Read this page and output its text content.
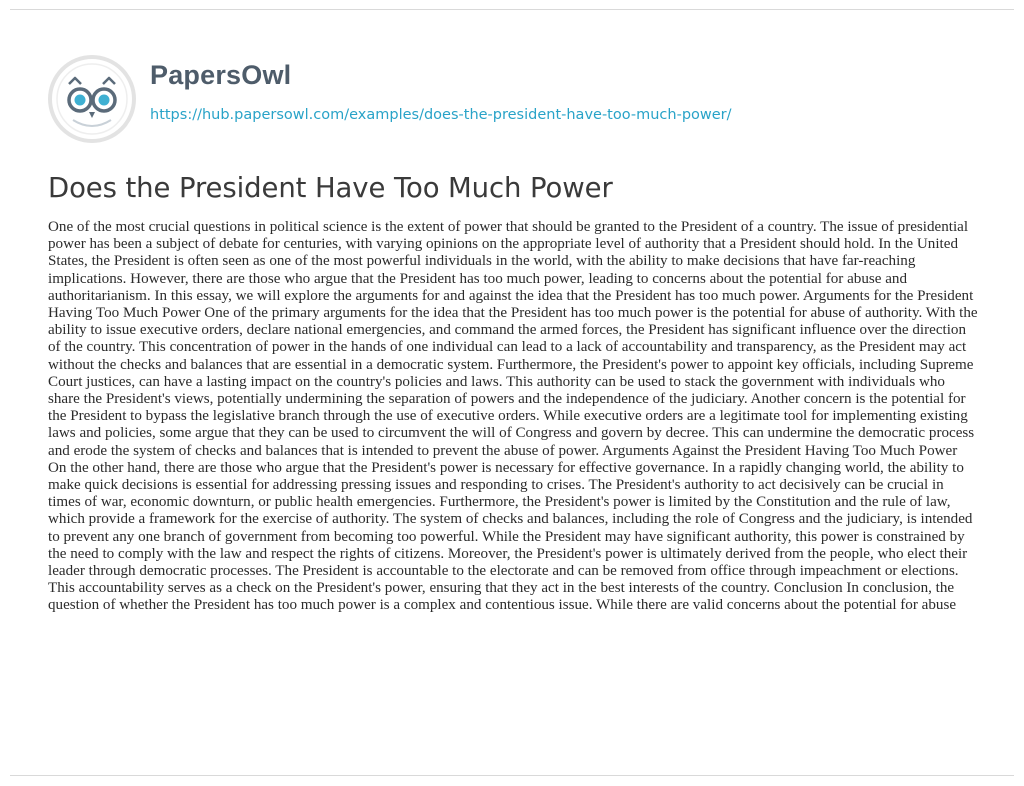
PapersOwl
https://hub.papersowl.com/examples/does-the-president-have-too-much-power/
Does the President Have Too Much Power

One of the most crucial questions in political science is the extent of power that should be granted to the President of a country. The issue of presidential power has been a subject of debate for centuries, with varying opinions on the appropriate level of authority that a President should hold. In the United States, the President is often seen as one of the most powerful individuals in the world, with the ability to make decisions that have far-reaching implications. However, there are those who argue that the President has too much power, leading to concerns about the potential for abuse and authoritarianism. In this essay, we will explore the arguments for and against the idea that the President has too much power. Arguments for the President Having Too Much Power One of the primary arguments for the idea that the President has too much power is the potential for abuse of authority. With the ability to issue executive orders, declare national emergencies, and command the armed forces, the President has significant influence over the direction of the country. This concentration of power in the hands of one individual can lead to a lack of accountability and transparency, as the President may act without the checks and balances that are essential in a democratic system. Furthermore, the President's power to appoint key officials, including Supreme Court justices, can have a lasting impact on the country's policies and laws. This authority can be used to stack the government with individuals who share the President's views, potentially undermining the separation of powers and the independence of the judiciary. Another concern is the potential for the President to bypass the legislative branch through the use of executive orders. While executive orders are a legitimate tool for implementing existing laws and policies, some argue that they can be used to circumvent the will of Congress and govern by decree. This can undermine the democratic process and erode the system of checks and balances that is intended to prevent the abuse of power. Arguments Against the President Having Too Much Power On the other hand, there are those who argue that the President's power is necessary for effective governance. In a rapidly changing world, the ability to make quick decisions is essential for addressing pressing issues and responding to crises. The President's authority to act decisively can be crucial in times of war, economic downturn, or public health emergencies. Furthermore, the President's power is limited by the Constitution and the rule of law, which provide a framework for the exercise of authority. The system of checks and balances, including the role of Congress and the judiciary, is intended to prevent any one branch of government from becoming too powerful. While the President may have significant authority, this power is constrained by the need to comply with the law and respect the rights of citizens. Moreover, the President's power is ultimately derived from the people, who elect their leader through democratic processes. The President is accountable to the electorate and can be removed from office through impeachment or elections. This accountability serves as a check on the President's power, ensuring that they act in the best interests of the country. Conclusion In conclusion, the question of whether the President has too much power is a complex and contentious issue. While there are valid concerns about the potential for abuse
